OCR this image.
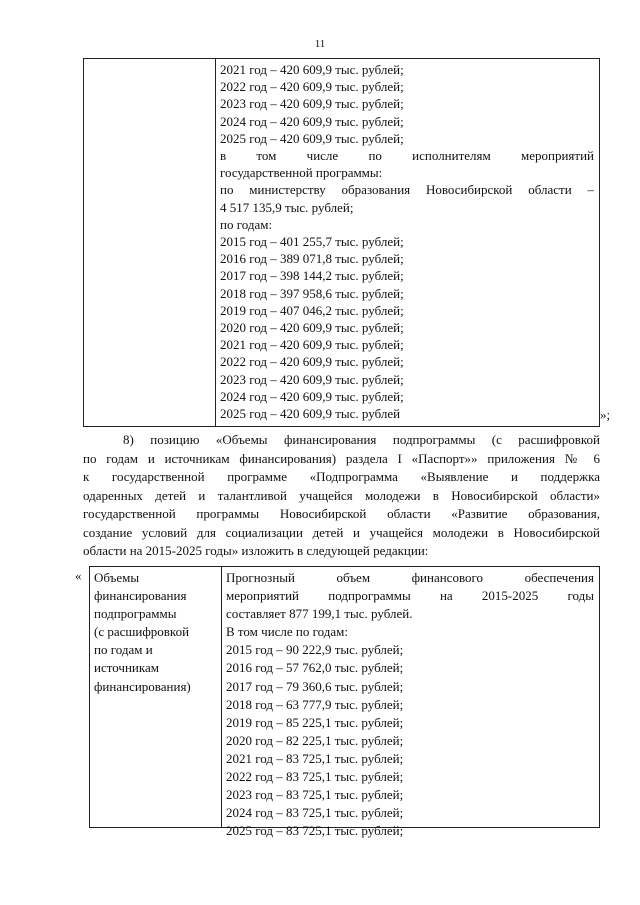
11
2021 год – 420 609,9 тыс. рублей;
2022 год – 420 609,9 тыс. рублей;
2023 год – 420 609,9 тыс. рублей;
2024 год – 420 609,9 тыс. рублей;
2025 год – 420 609,9 тыс. рублей;
в том числе по исполнителям мероприятий
государственной программы:
по министерству образования Новосибирской области –
4 517 135,9 тыс. рублей;
по годам:
2015 год – 401 255,7 тыс. рублей;
2016 год – 389 071,8 тыс. рублей;
2017 год – 398 144,2 тыс. рублей;
2018 год – 397 958,6 тыс. рублей;
2019 год – 407 046,2 тыс. рублей;
2020 год – 420 609,9 тыс. рублей;
2021 год – 420 609,9 тыс. рублей;
2022 год – 420 609,9 тыс. рублей;
2023 год – 420 609,9 тыс. рублей;
2024 год – 420 609,9 тыс. рублей;
2025 год – 420 609,9 тыс. рублей	»;
8) позицию «Объемы финансирования подпрограммы (с расшифровкой
по годам и источникам финансирования) раздела I «Паспорт»» приложения № 6
к государственной программе «Подпрограмма «Выявление и поддержка
одаренных детей и талантливой учащейся молодежи в Новосибирской области»
государственной программы Новосибирской области «Развитие образования,
создание условий для социализации детей и учащейся молодежи в Новосибирской
области на 2015-2025 годы» изложить в следующей редакции:
« Объемы
финансирования
подпрограммы
(с расшифровкой
по годам и
источникам
финансирования)
Прогнозный объем финансового обеспечения
мероприятий подпрограммы на 2015-2025 годы
составляет 877 199,1 тыс. рублей.
В том числе по годам:
2015 год – 90 222,9 тыс. рублей;
2016 год – 57 762,0 тыс. рублей;
2017 год – 79 360,6 тыс. рублей;
2018 год – 63 777,9 тыс. рублей;
2019 год – 85 225,1 тыс. рублей;
2020 год – 82 225,1 тыс. рублей;
2021 год – 83 725,1 тыс. рублей;
2022 год – 83 725,1 тыс. рублей;
2023 год – 83 725,1 тыс. рублей;
2024 год – 83 725,1 тыс. рублей;
2025 год – 83 725,1 тыс. рублей;
